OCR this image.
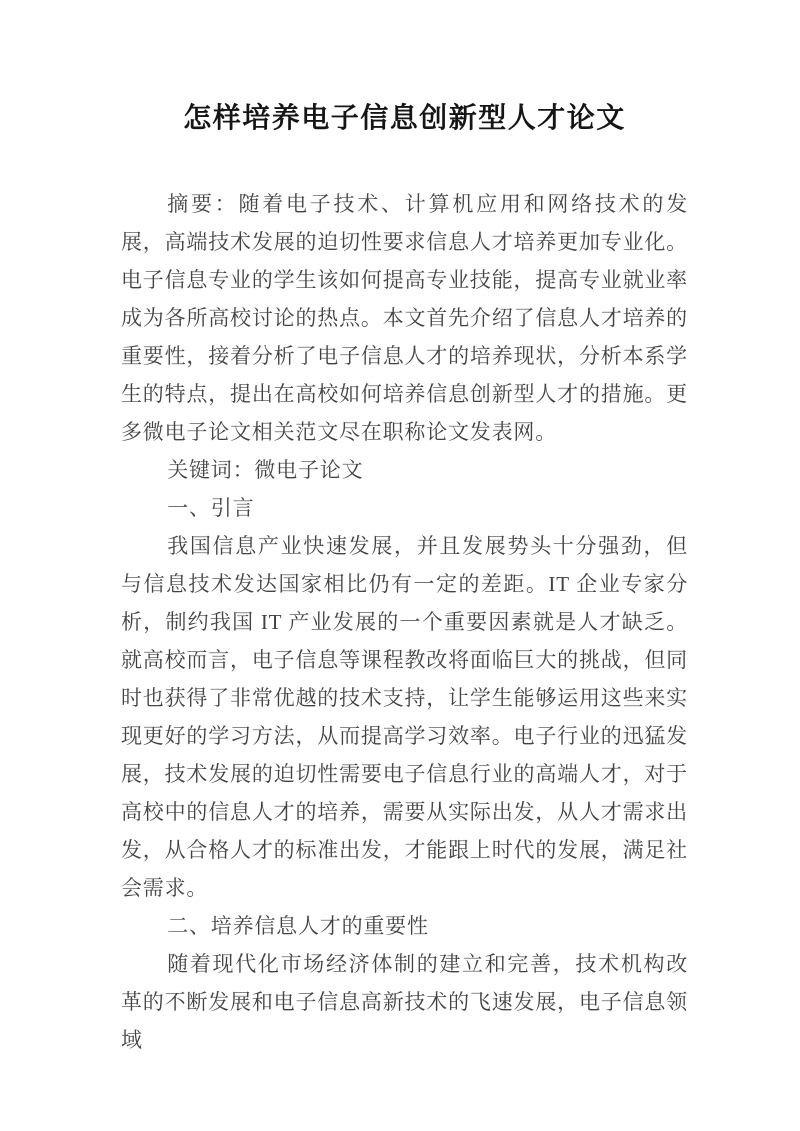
怎样培养电子信息创新型人才论文

摘要：随着电子技术、计算机应用和网络技术的发展，高端技术发展的迫切性要求信息人才培养更加专业化。电子信息专业的学生该如何提高专业技能，提高专业就业率成为各所高校讨论的热点。本文首先介绍了信息人才培养的重要性，接着分析了电子信息人才的培养现状，分析本系学生的特点，提出在高校如何培养信息创新型人才的措施。更多微电子论文相关范文尽在职称论文发表网。

关键词：微电子论文

一、引言

我国信息产业快速发展，并且发展势头十分强劲，但与信息技术发达国家相比仍有一定的差距。IT 企业专家分析，制约我国 IT 产业发展的一个重要因素就是人才缺乏。就高校而言，电子信息等课程教改将面临巨大的挑战，但同时也获得了非常优越的技术支持，让学生能够运用这些来实现更好的学习方法，从而提高学习效率。电子行业的迅猛发展，技术发展的迫切性需要电子信息行业的高端人才，对于高校中的信息人才的培养，需要从实际出发，从人才需求出发，从合格人才的标准出发，才能跟上时代的发展，满足社会需求。

二、培养信息人才的重要性

随着现代化市场经济体制的建立和完善，技术机构改革的不断发展和电子信息高新技术的飞速发展，电子信息领域
